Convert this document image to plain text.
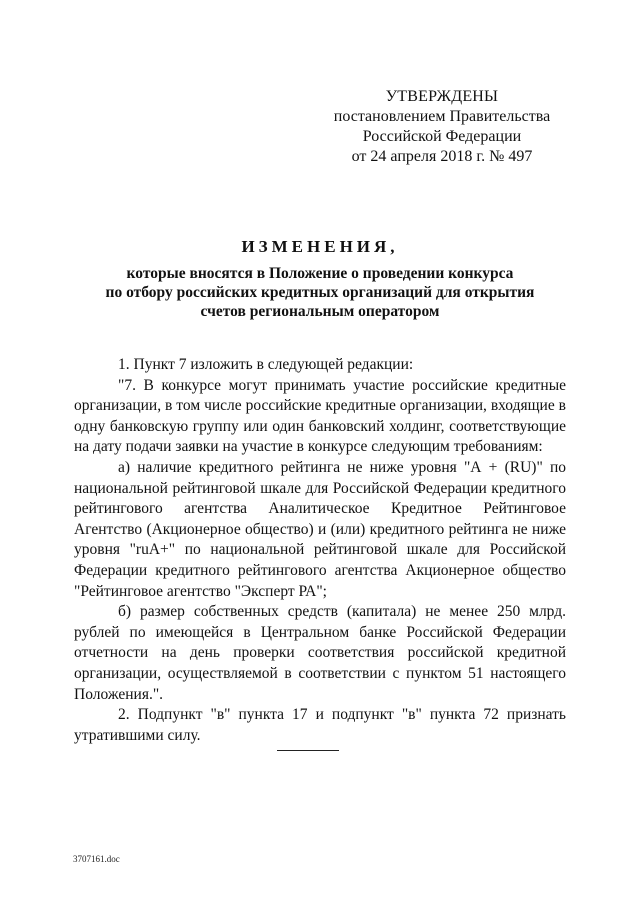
УТВЕРЖДЕНЫ
постановлением Правительства
Российской Федерации
от 24 апреля 2018 г. № 497
ИЗМЕНЕНИЯ,
которые вносятся в Положение о проведении конкурса
по отбору российских кредитных организаций для открытия
счетов региональным оператором

1. Пункт 7 изложить в следующей редакции:

"7. В конкурсе могут принимать участие российские кредитные организации, в том числе российские кредитные организации, входящие в одну банковскую группу или один банковский холдинг, соответствующие на дату подачи заявки на участие в конкурсе следующим требованиям:

а) наличие кредитного рейтинга не ниже уровня "А + (RU)" по национальной рейтинговой шкале для Российской Федерации кредитного рейтингового агентства Аналитическое Кредитное Рейтинговое Агентство (Акционерное общество) и (или) кредитного рейтинга не ниже уровня "ruA+" по национальной рейтинговой шкале для Российской Федерации кредитного рейтингового агентства Акционерное общество "Рейтинговое агентство "Эксперт РА";

б) размер собственных средств (капитала) не менее 250 млрд. рублей по имеющейся в Центральном банке Российской Федерации отчетности на день проверки соответствия российской кредитной организации, осуществляемой в соответствии с пунктом 51 настоящего Положения.".

2. Подпункт "в" пункта 17 и подпункт "в" пункта 72 признать утратившими силу.

3707161.doc
